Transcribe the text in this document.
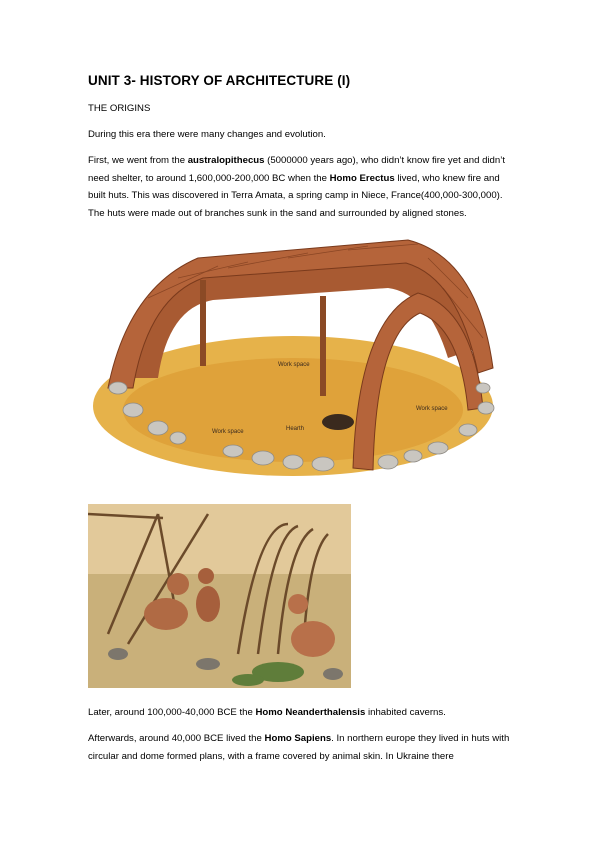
UNIT 3- HISTORY OF ARCHITECTURE (I)
THE ORIGINS
During this era there were many changes and evolution.
First, we went from the australopithecus (5000000 years ago), who didn’t know fire yet and didn’t need shelter, to around 1,600,000-200,000 BC when the Homo Erectus lived, who knew fire and built huts. This was discovered in Terra Amata, a spring camp in Niece, France(400,000-300,000). The huts were made out of branches sunk in the sand and surrounded by aligned stones.
Work space
Work space
Work space	Hearth
Later, around 100,000-40,000 BCE the Homo Neanderthalensis inhabited caverns.
Afterwards, around 40,000 BCE lived the Homo Sapiens. In northern europe they lived in huts with circular and dome formed plans, with a frame covered by animal skin. In Ukraine there
